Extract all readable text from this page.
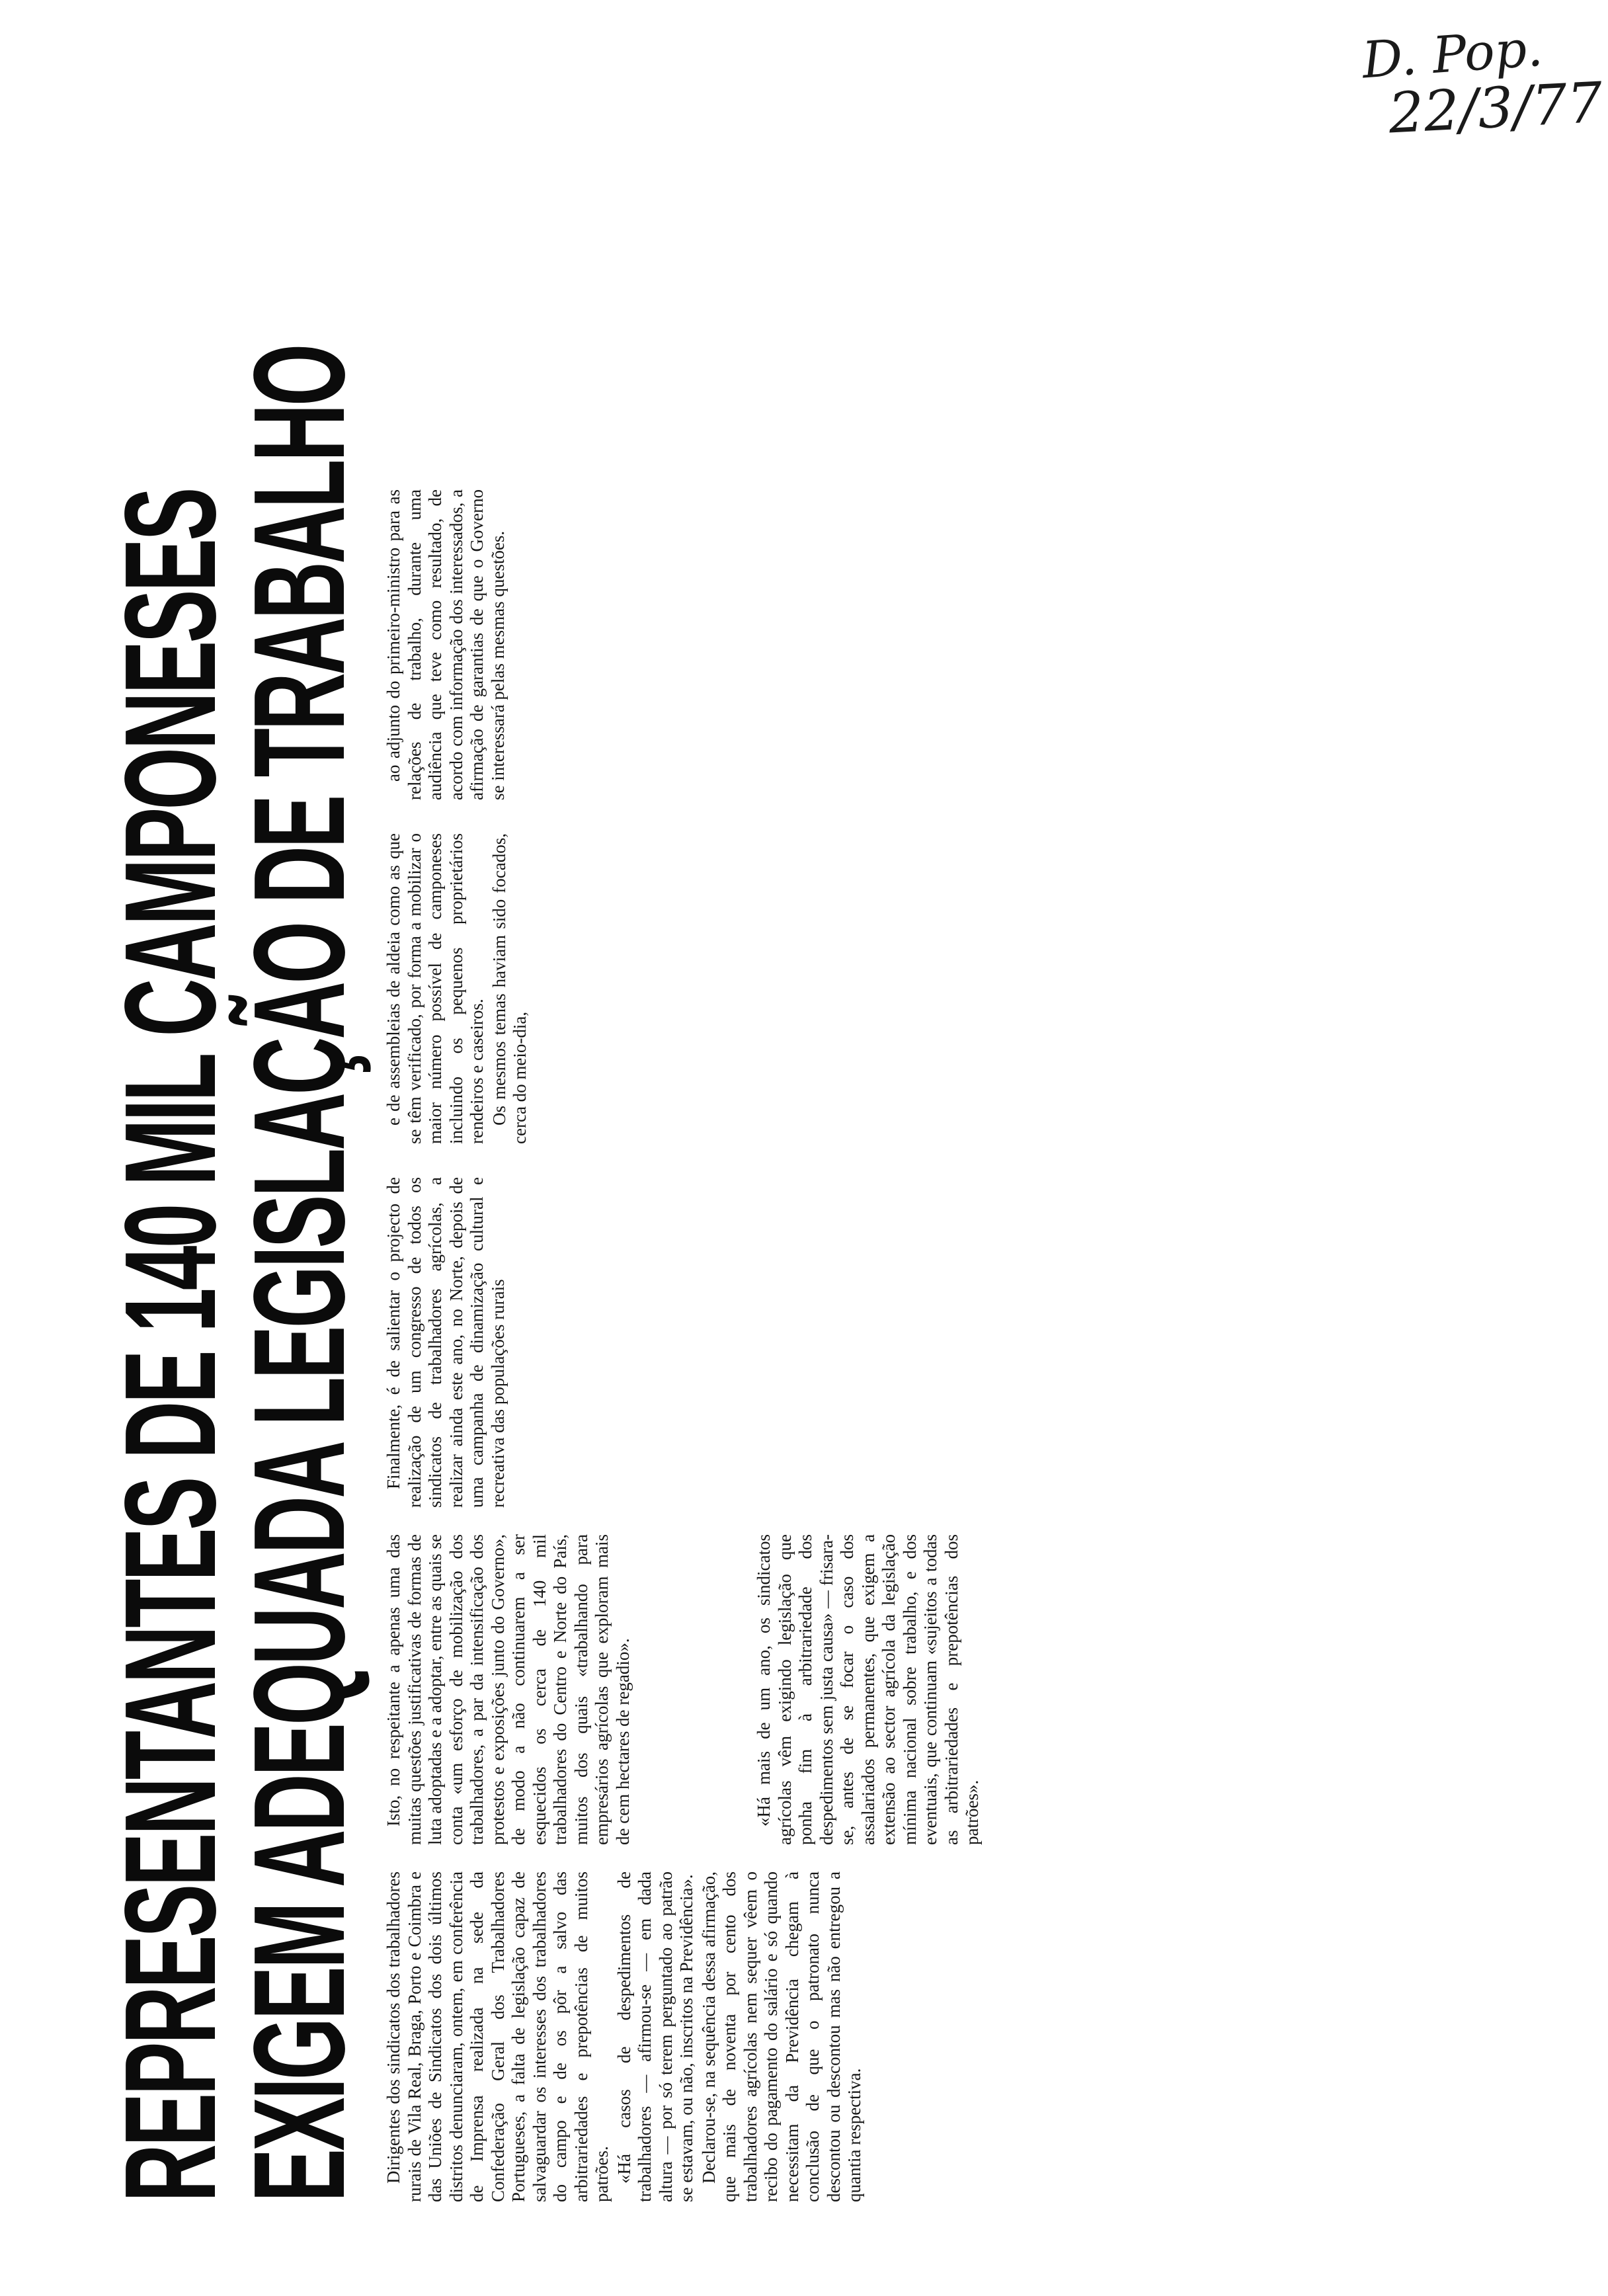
D. Pop.
22/3/77
REPRESENTANTES DE 140 MIL CAMPONESES
EXIGEM ADEQUADA LEGISLAÇÃO DE TRABALHO Dirigentes dos sindicatos dos trabalhadores rurais de Vila Real, Braga, Porto e Coimbra e das Uniões de Sindicatos dos dois últimos distritos denunciaram, ontem, em conferência de Imprensa realizada na sede da Confederação Geral dos Trabalhadores Portugueses, a falta de legislação capaz de salvaguardar os interesses dos trabalhadores do campo e de os pôr a salvo das arbitrariedades e prepotências de muitos patrões. «Há casos de despedimentos de trabalhadores — afirmou-se — em dada altura — por só terem perguntado ao patrão se estavam, ou não, inscritos na Previdência». Declarou-se, na sequência dessa afirmação, que mais de noventa por cento dos trabalhadores agrícolas nem sequer vêem o recibo do pagamento do salário e só quando necessitam da Previdência chegam à conclusão de que o patronato nunca descontou ou descontou mas não entregou a quantia respectiva.

Isto, no respeitante a apenas uma das muitas questões justificativas de formas de luta adoptadas e a adoptar, entre as quais se conta «um esforço de mobilização dos trabalhadores, a par da intensificação dos protestos e exposições junto do Governo», de modo a não continuarem a ser esquecidos os cerca de 140 mil trabalhadores do Centro e Norte do País, muitos dos quais «trabalhando para empresários agrícolas que exploram mais de cem hectares de regadio».	«Há mais de um ano, os sindicatos agrícolas vêm exigindo legislação que ponha fim à arbitrariedade dos despedimentos sem justa causa» — frisara-se, antes de se focar o caso dos assalariados permanentes, que exigem a extensão ao sector agrícola da legislação mínima nacional sobre trabalho, e dos eventuais, que continuam «sujeitos a todas as arbitrariedades e prepotências dos patrões».

Finalmente, é de salientar o projecto de realização de um congresso de todos os sindicatos de trabalhadores agrícolas, a realizar ainda este ano, no Norte, depois de uma campanha de dinamização cultural e recreativa das populações rurais

e de assembleias de aldeia como as que se têm verificado, por forma a mobilizar o maior número possível de camponeses incluindo os pequenos proprietários rendeiros e caseiros. Os mesmos temas haviam sido focados, cerca do meio-dia,

ao adjunto do primeiro-ministro para as relações de trabalho, durante uma audiência que teve como resultado, de acordo com informação dos interessados, a afirmação de garantias de que o Governo se interessará pelas mesmas questões.
